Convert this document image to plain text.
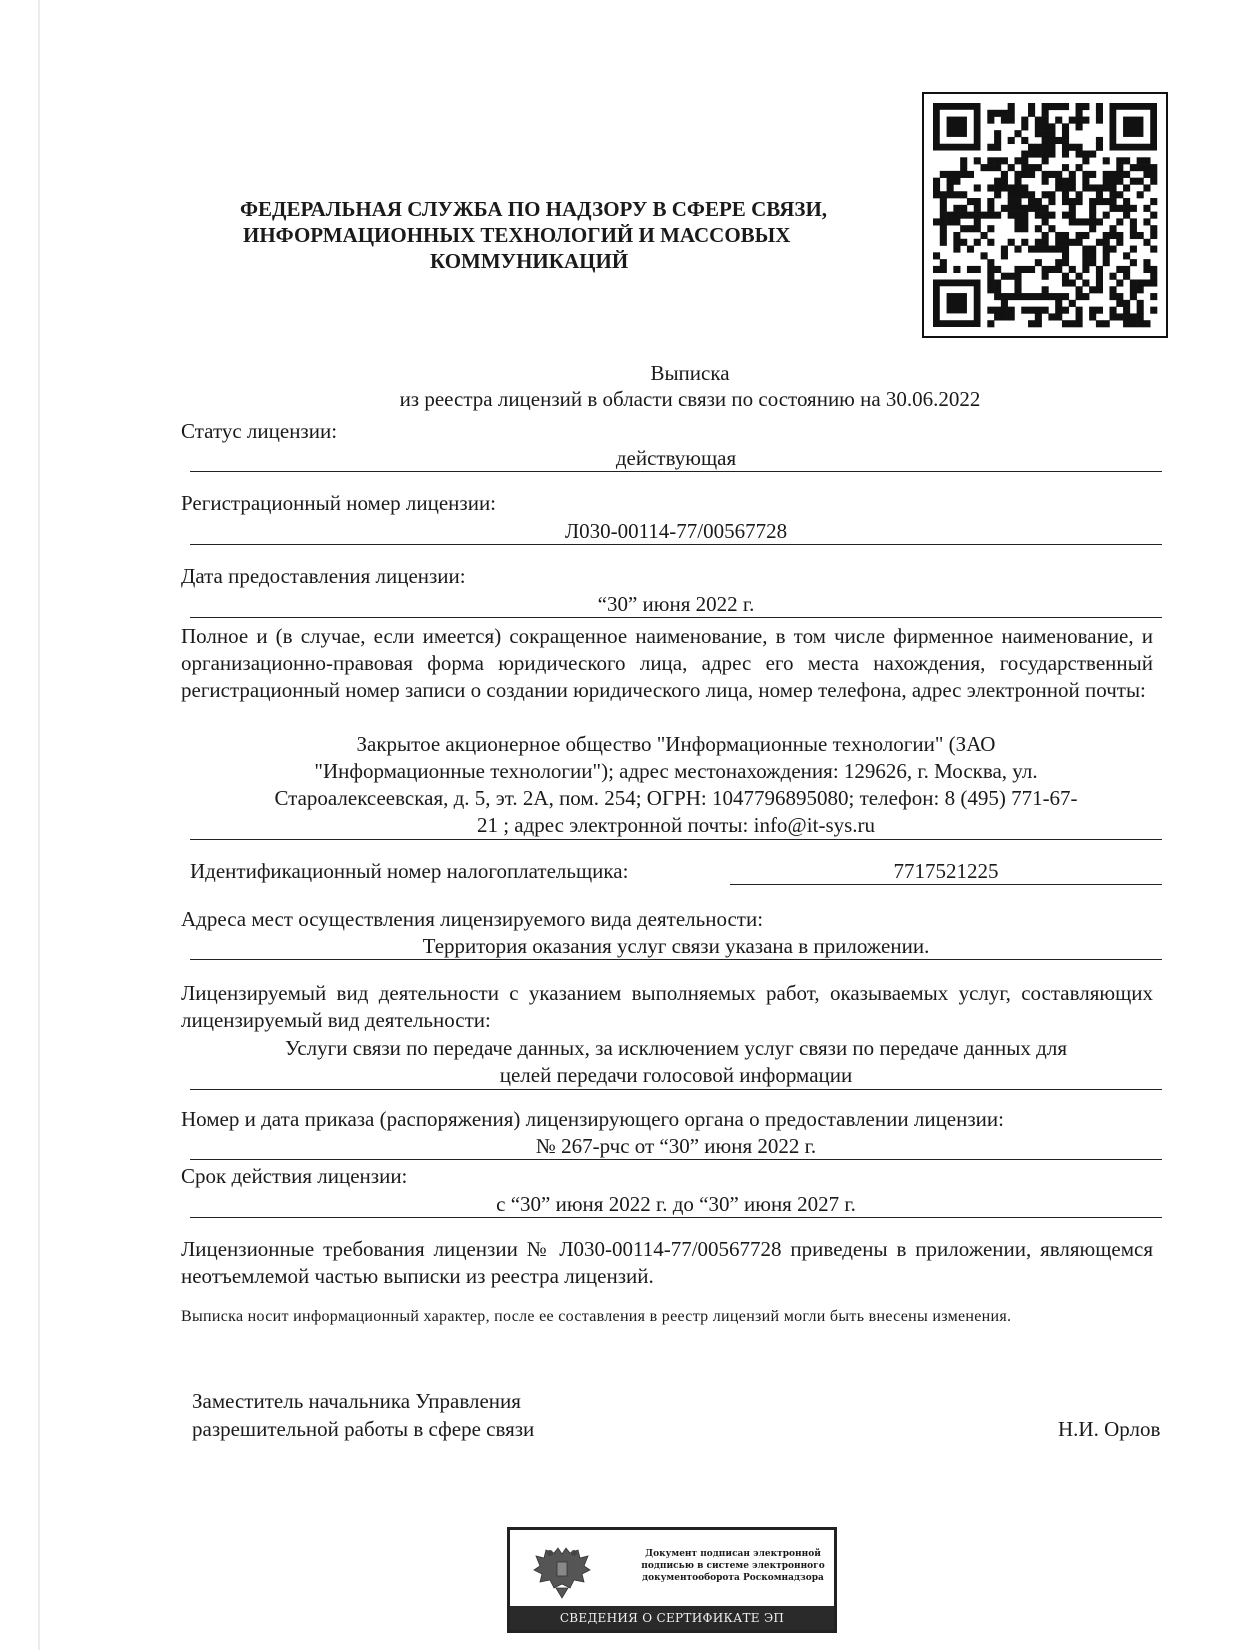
ФЕДЕРАЛЬНАЯ СЛУЖБА ПО НАДЗОРУ В СФЕРЕ СВЯЗИ,
ИНФОРМАЦИОННЫХ ТЕХНОЛОГИЙ И МАССОВЫХ
КОММУНИКАЦИЙ
Выписка
из реестра лицензий в области связи по состоянию на 30.06.2022
Статус лицензии:
действующая
Регистрационный номер лицензии:
Л030-00114-77/00567728
Дата предоставления лицензии:
“30” июня 2022 г.
Полное и (в случае, если имеется) сокращенное наименование, в том числе фирменное наименование, и организационно-правовая форма юридического лица, адрес его места нахождения, государственный регистрационный номер записи о создании юридического лица, номер телефона, адрес электронной почты:
Закрытое акционерное общество "Информационные технологии" (ЗАО
"Информационные технологии"); адрес местонахождения: 129626, г. Москва, ул.
Староалексеевская, д. 5, эт. 2А, пом. 254; ОГРН: 1047796895080; телефон: 8 (495) 771-67-
21 ; адрес электронной почты: info@it-sys.ru
Идентификационный номер налогоплательщика:	7717521225
Адреса мест осуществления лицензируемого вида деятельности:
Территория оказания услуг связи указана в приложении.
Лицензируемый вид деятельности с указанием выполняемых работ, оказываемых услуг, составляющих лицензируемый вид деятельности:
Услуги связи по передаче данных, за исключением услуг связи по передаче данных для
целей передачи голосовой информации
Номер и дата приказа (распоряжения) лицензирующего органа о предоставлении лицензии:
№ 267-рчс от “30” июня 2022 г.
Срок действия лицензии:
с “30” июня 2022 г. до “30” июня 2027 г.
Лицензионные требования лицензии № Л030-00114-77/00567728 приведены в приложении, являющемся неотъемлемой частью выписки из реестра лицензий.
Выписка носит информационный характер, после ее составления в реестр лицензий могли быть внесены изменения.
Заместитель начальника Управления
разрешительной работы в сфере связи	Н.И. Орлов
Документ подписан электронной
подписью в системе электронного
документооборота Роскомнадзора
СВЕДЕНИЯ О СЕРТИФИКАТЕ ЭП
